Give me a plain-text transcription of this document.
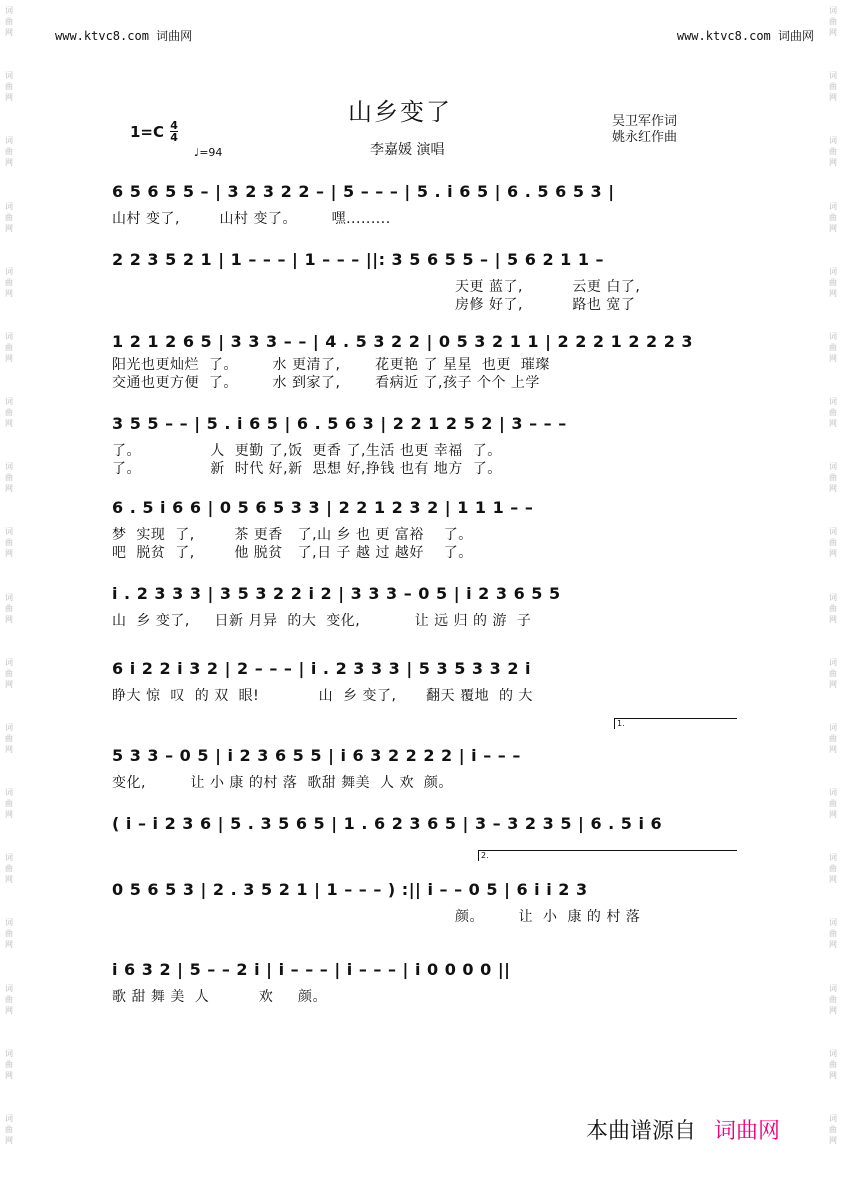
词
曲
网
词
曲
网
词
曲
网
词
曲
网
词
曲
网
词
曲
网
词
曲
网
词
曲
网
词
曲
网
词
曲
网
词
曲
网
词
曲
网
词
曲
网
词
曲
网
词
曲
网
词
曲
网
词
曲
网
词
曲
网
词
曲
网
词
曲
网
词
曲
网
词
曲
网
词
曲
网
词
曲
网
词
曲
网
词
曲
网
词
曲
网
词
曲
网
词
曲
网
词
曲
网
词
曲
网
词
曲
网
词
曲
网
词
曲
网
词
曲
网
词
曲
网
www.ktvc8.com 词曲网	www.ktvc8.com 词曲网
山乡变了
$1=C \frac{4}{4}$
♩=94	李嘉媛 演唱
吴卫军作词
姚永红作曲
6 5 6 5 5 – | 3 2 3 2 2 – | 5 – – – | 5 . i 6 5 | 6 . 5 6 5 3 |
山村 变了,        山村 变了。       嘿.........
2 2 3 5 2 1 | 1 – – – | 1 – – – ||: 3 5 6 5 5 – | 5 6 2 1 1 –
天更 蓝了,          云更 白了,
房修 好了,          路也 宽了
1 2 1 2 6 5 | 3 3 3 – – | 4 . 5 3 2 2 | 0 5 3 2 1 1 | 2 2 2 1 2 2 2 3
阳光也更灿烂  了。       水 更清了,       花更艳 了 星星  也更  璀璨
交通也更方便  了。       水 到家了,       看病近 了,孩子 个个 上学
3 5 5 – – | 5 . i 6 5 | 6 . 5 6 3 | 2 2 1 2 5 2 | 3 – – –
了。              人  更勤 了,饭  更香 了,生活 也更 幸福  了。
了。              新  时代 好,新  思想 好,挣钱 也有 地方  了。
6 . 5 i 6 6 | 0 5 6 5 3 3 | 2 2 1 2 3 2 | 1 1 1 – –
梦  实现  了,        茶 更香   了,山 乡 也 更 富裕    了。
吧  脱贫  了,        他 脱贫   了,日 子 越 过 越好    了。
i . 2 3 3 3 | 3 5 3 2 2 i 2 | 3 3 3 – 0 5 | i 2 3 6 5 5
山  乡 变了,     日新 月异  的大  变化,           让 远 归 的 游  子
6 i 2 2 i 3 2 | 2 – – – | i . 2 3 3 3 | 5 3 5 3 3 2 i
睁大 惊  叹  的 双  眼!            山  乡 变了,      翻天 覆地  的 大
5 3 3 – 0 5 | i 2 3 6 5 5 | i 6 3 2 2 2 2 | i – – –
变化,         让 小 康 的村 落  歌甜 舞美  人 欢  颜。
( i – i 2 3 6 | 5 . 3 5 6 5 | 1 . 6 2 3 6 5 | 3 – 3 2 3 5 | 6 . 5 i 6
0 5 6 5 3 | 2 . 3 5 2 1 | 1 – – – ) :|| i – – 0 5 | 6 i i 2 3
颜。       让  小  康 的 村 落
i 6 3 2 | 5 – – 2 i | i – – – | i – – – | i 0 0 0 0 ||
歌 甜 舞 美  人          欢     颜。
1.
2.
本曲谱源自 词曲网
